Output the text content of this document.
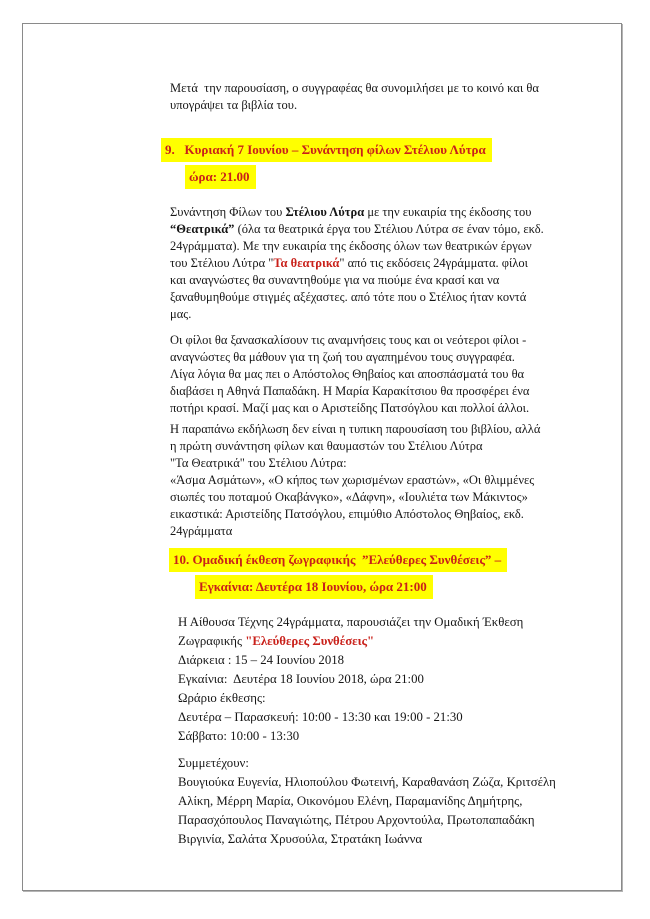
Μετά  την παρουσίαση, ο συγγραφέας θα συνομιλήσει με το κοινό και θα
υπογράψει τα βιβλία του.
9.   Κυριακή 7 Ιουνίου – Συνάντηση φίλων Στέλιου Λύτρα
ώρα: 21.00
Συνάντηση Φίλων του Στέλιου Λύτρα με την ευκαιρία της έκδοσης του
“Θεατρικά” (όλα τα θεατρικά έργα του Στέλιου Λύτρα σε έναν τόμο, εκδ.
24γράμματα). Με την ευκαιρία της έκδοσης όλων των θεατρικών έργων
του Στέλιου Λύτρα "Τα θεατρικά" από τις εκδόσεις 24γράμματα. φίλοι
και αναγνώστες θα συναντηθούμε για να πιούμε ένα κρασί και να
ξαναθυμηθούμε στιγμές αξέχαστες. από τότε που ο Στέλιος ήταν κοντά
μας.
Οι φίλοι θα ξανασκαλίσουν τις αναμνήσεις τους και οι νεότεροι φίλοι -
αναγνώστες θα μάθουν για τη ζωή του αγαπημένου τους συγγραφέα.
Λίγα λόγια θα μας πει ο Απόστολος Θηβαίος και αποσπάσματά του θα
διαβάσει η Αθηνά Παπαδάκη. Η Μαρία Καρακίτσιου θα προσφέρει ένα
ποτήρι κρασί. Μαζί μας και ο Αριστείδης Πατσόγλου και πολλοί άλλοι.
Η παραπάνω εκδήλωση δεν είναι η τυπικη παρουσίαση του βιβλίου, αλλά
η πρώτη συνάντηση φίλων και θαυμαστών του Στέλιου Λύτρα
"Τα Θεατρικά" του Στέλιου Λύτρα:
«Άσμα Ασμάτων», «Ο κήπος των χωρισμένων εραστών», «Οι θλιμμένες
σιωπές του ποταμού Οκαβάνγκο», «Δάφνη», «Ιουλιέτα των Μάκιντος»
εικαστικά: Αριστείδης Πατσόγλου, επιμύθιο Απόστολος Θηβαίος, εκδ.
24γράμματα
10. Ομαδική έκθεση ζωγραφικής  ”Ελεύθερες Συνθέσεις” –
Εγκαίνια: Δευτέρα 18 Ιουνίου, ώρα 21:00
Η Αίθουσα Τέχνης 24γράμματα, παρουσιάζει την Ομαδική Έκθεση
Ζωγραφικής "Ελεύθερες Συνθέσεις"
Διάρκεια : 15 – 24 Ιουνίου 2018
Εγκαίνια:  Δευτέρα 18 Ιουνίου 2018, ώρα 21:00
Ωράριο έκθεσης:
Δευτέρα – Παρασκευή: 10:00 - 13:30 και 19:00 - 21:30
Σάββατο: 10:00 - 13:30
Συμμετέχουν:
Βουγιούκα Ευγενία, Ηλιοπούλου Φωτεινή, Καραθανάση Ζώζα, Κριτσέλη
Αλίκη, Μέρρη Μαρία, Οικονόμου Ελένη, Παραμανίδης Δημήτρης,
Παρασχόπουλος Παναγιώτης, Πέτρου Αρχοντούλα, Πρωτοπαπαδάκη
Βιργινία, Σαλάτα Χρυσούλα, Στρατάκη Ιωάννα
